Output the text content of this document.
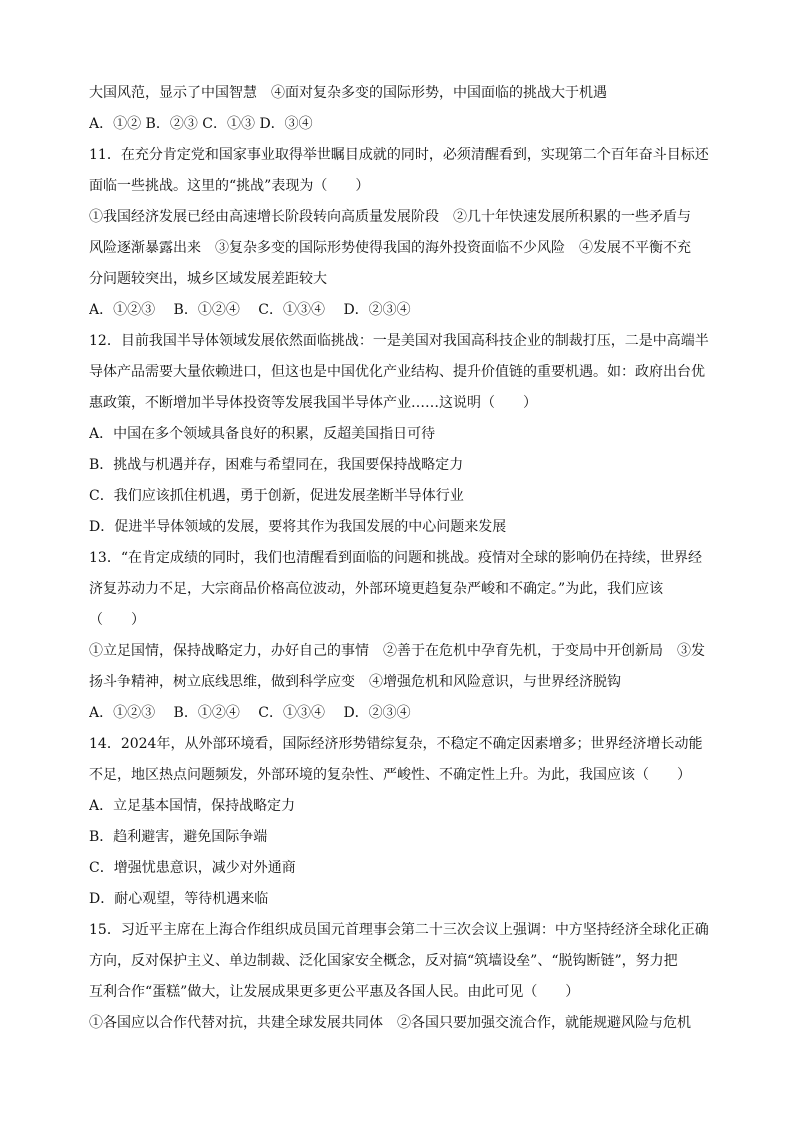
大国风范，显示了中国智慧　④面对复杂多变的国际形势，中国面临的挑战大于机遇
A．①② B．②③ C．①③ D．③④
11．在充分肯定党和国家事业取得举世瞩目成就的同时，必须清醒看到，实现第二个百年奋斗目标还
面临一些挑战。这里的“挑战”表现为（　　）
①我国经济发展已经由高速增长阶段转向高质量发展阶段　②几十年快速发展所积累的一些矛盾与
风险逐渐暴露出来　③复杂多变的国际形势使得我国的海外投资面临不少风险　④发展不平衡不充
分问题较突出，城乡区域发展差距较大
A．①②③　 B．①②④　 C．①③④　 D．②③④
12．目前我国半导体领域发展依然面临挑战：一是美国对我国高科技企业的制裁打压，二是中高端半
导体产品需要大量依赖进口，但这也是中国优化产业结构、提升价值链的重要机遇。如：政府出台优
惠政策，不断增加半导体投资等发展我国半导体产业……这说明（　　）
A．中国在多个领域具备良好的积累，反超美国指日可待
B．挑战与机遇并存，困难与希望同在，我国要保持战略定力
C．我们应该抓住机遇，勇于创新，促进发展垄断半导体行业
D．促进半导体领域的发展，要将其作为我国发展的中心问题来发展
13．“在肯定成绩的同时，我们也清醒看到面临的问题和挑战。疫情对全球的影响仍在持续，世界经
济复苏动力不足，大宗商品价格高位波动，外部环境更趋复杂严峻和不确定。”为此，我们应该
（　　）
①立足国情，保持战略定力，办好自己的事情　②善于在危机中孕育先机，于变局中开创新局　③发
扬斗争精神，树立底线思维，做到科学应变　④增强危机和风险意识，与世界经济脱钩
A．①②③　 B．①②④　 C．①③④　 D．②③④
14．2024年，从外部环境看，国际经济形势错综复杂，不稳定不确定因素增多；世界经济增长动能
不足，地区热点问题频发，外部环境的复杂性、严峻性、不确定性上升。为此，我国应该（　　）
A．立足基本国情，保持战略定力
B．趋利避害，避免国际争端
C．增强忧患意识，减少对外通商
D．耐心观望，等待机遇来临
15．习近平主席在上海合作组织成员国元首理事会第二十三次会议上强调：中方坚持经济全球化正确
方向，反对保护主义、单边制裁、泛化国家安全概念，反对搞“筑墙设垒”、“脱钩断链”，努力把
互利合作“蛋糕”做大，让发展成果更多更公平惠及各国人民。由此可见（　　）
①各国应以合作代替对抗，共建全球发展共同体　②各国只要加强交流合作，就能规避风险与危机
